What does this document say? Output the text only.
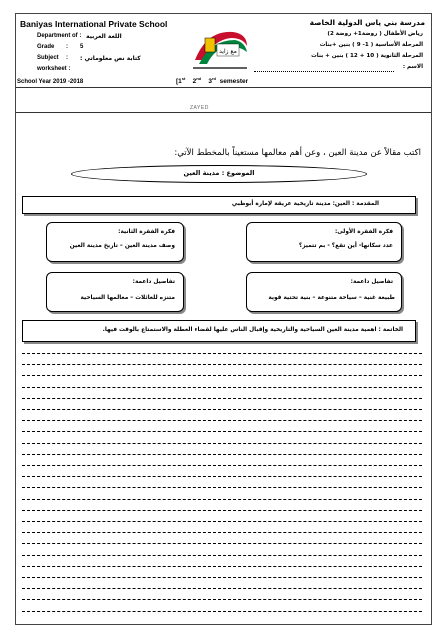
Baniyas International Private School
Department of : اللغة العربية
Grade : 5
Subject : كتابة نص معلوماتي :
worksheet :
School Year 2019 -2018
مع زايد
مدرسة بني ياس الدولية الخاصة
رياض الأطفال ( روضة1+ روضة 2)
المرحلة الأساسية ( 1- 9 ) بنين +بنات
المرحلة الثانوية ( 10 + 12 ) بنين + بنات
الاسم :
[1st 2nd 3rd semester
ZAYED
اكتب مقالاً عن مدينة العين ، وعن أهم معالمها مستعيناً بالمخطط الآتي:
الموضوع : مدينة العين
المقدمة : العين: مدينة تاريخية عريقة لإمارة أبوظبي
فكرة الفقرة الثانية:
وصف مدينة العين – تاريخ مدينة العين
فكرة الفقرة الأولى:
عدد سكانها- أين تقع؟ - بم تتميز؟
تفاصيل داعمة:
متنزه للعائلات – معالمها السياحية
تفاصيل داعمة:
طبيعة غنية – سياحة متنوعة – بنية تحتية قوية
الخاتمة : اهمية مدينة العين السياحية والتاريخية وإقبال الناس عليها لقضاء العطلة والاستمتاع بالوقت فيها.
